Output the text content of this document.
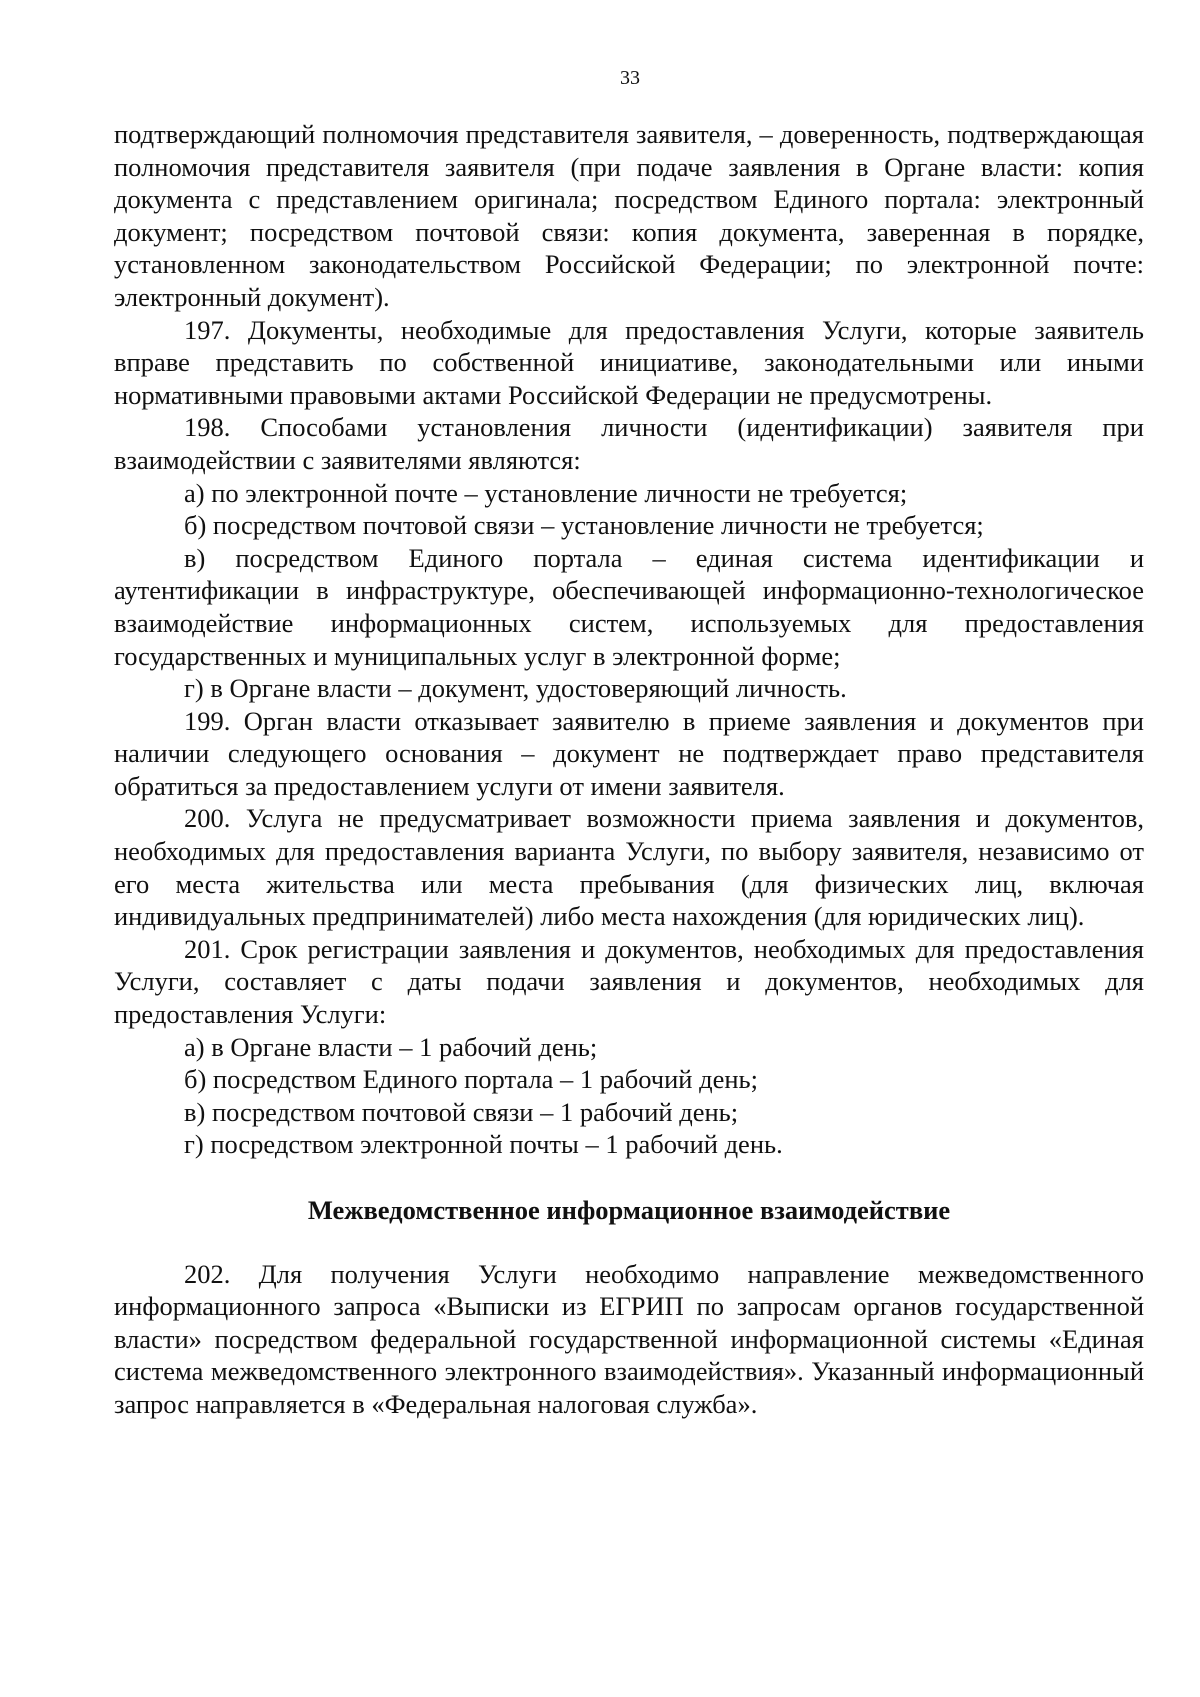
33

подтверждающий полномочия представителя заявителя, – доверенность, подтверждающая полномочия представителя заявителя (при подаче заявления в Органе власти: копия документа с представлением оригинала; посредством Единого портала: электронный документ; посредством почтовой связи: копия документа, заверенная в порядке, установленном законодательством Российской Федерации; по электронной почте: электронный документ).

197. Документы, необходимые для предоставления Услуги, которые заявитель вправе представить по собственной инициативе, законодательными или иными нормативными правовыми актами Российской Федерации не предусмотрены.

198. Способами установления личности (идентификации) заявителя при взаимодействии с заявителями являются:

а) по электронной почте – установление личности не требуется;

б) посредством почтовой связи – установление личности не требуется;

в) посредством Единого портала – единая система идентификации и аутентификации в инфраструктуре, обеспечивающей информационно-технологическое взаимодействие информационных систем, используемых для предоставления государственных и муниципальных услуг в электронной форме;

г) в Органе власти – документ, удостоверяющий личность.

199. Орган власти отказывает заявителю в приеме заявления и документов при наличии следующего основания – документ не подтверждает право представителя обратиться за предоставлением услуги от имени заявителя.

200. Услуга не предусматривает возможности приема заявления и документов, необходимых для предоставления варианта Услуги, по выбору заявителя, независимо от его места жительства или места пребывания (для физических лиц, включая индивидуальных предпринимателей) либо места нахождения (для юридических лиц).

201. Срок регистрации заявления и документов, необходимых для предоставления Услуги, составляет с даты подачи заявления и документов, необходимых для предоставления Услуги:

а) в Органе власти – 1 рабочий день;

б) посредством Единого портала – 1 рабочий день;

в) посредством почтовой связи – 1 рабочий день;

г) посредством электронной почты – 1 рабочий день.

Межведомственное информационное взаимодействие

202. Для получения Услуги необходимо направление межведомственного информационного запроса «Выписки из ЕГРИП по запросам органов государственной власти» посредством федеральной государственной информационной системы «Единая система межведомственного электронного взаимодействия». Указанный информационный запрос направляется в «Федеральная налоговая служба».
